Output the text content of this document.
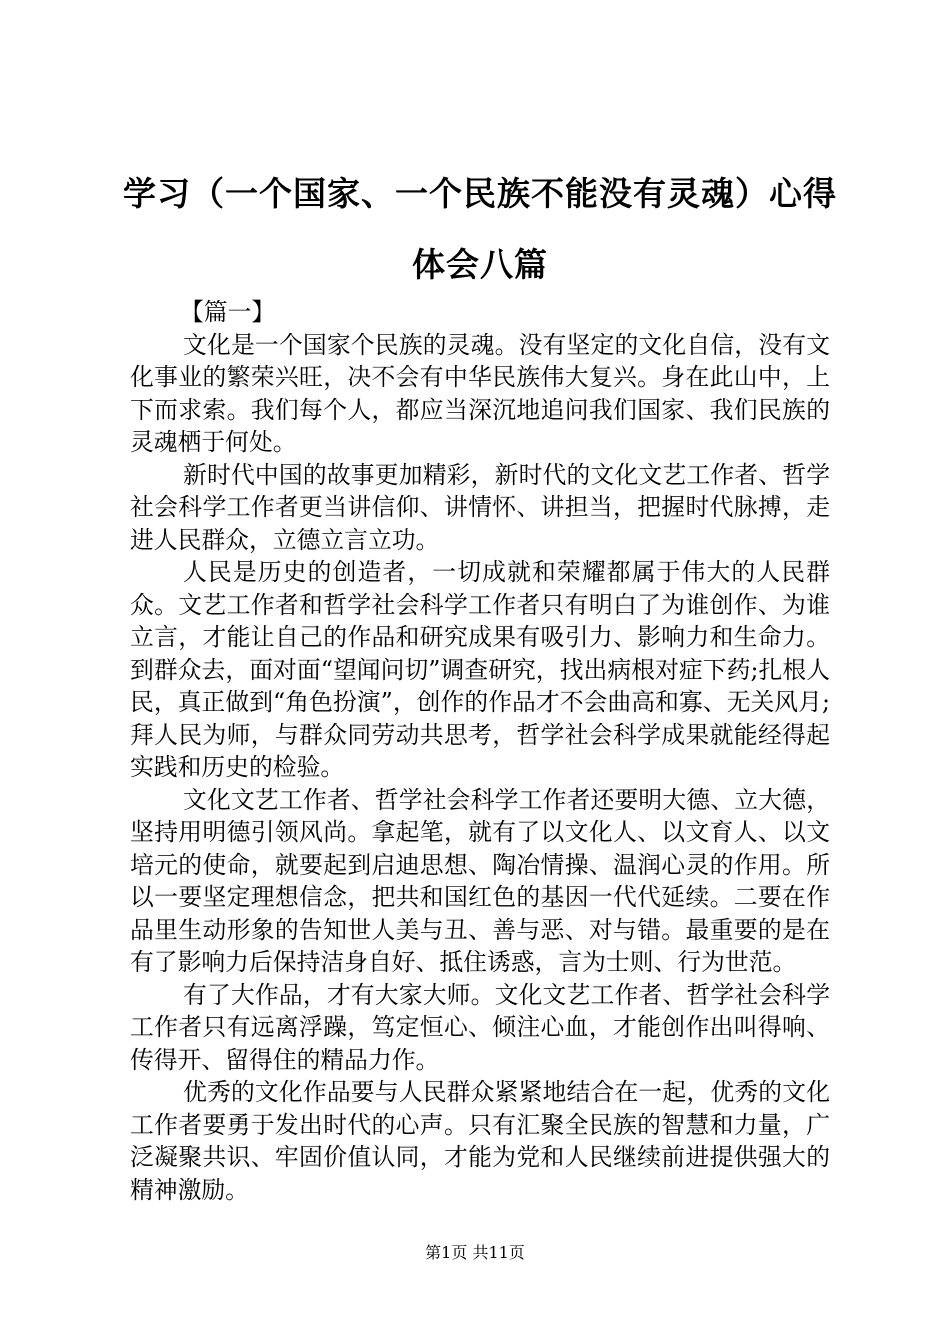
学习（一个国家、一个民族不能没有灵魂）心得体会八篇

【篇一】

文化是一个国家个民族的灵魂。没有坚定的文化自信，没有文化事业的繁荣兴旺，决不会有中华民族伟大复兴。身在此山中，上下而求索。我们每个人，都应当深沉地追问我们国家、我们民族的灵魂栖于何处。

新时代中国的故事更加精彩，新时代的文化文艺工作者、哲学社会科学工作者更当讲信仰、讲情怀、讲担当，把握时代脉搏，走进人民群众，立德立言立功。

人民是历史的创造者，一切成就和荣耀都属于伟大的人民群众。文艺工作者和哲学社会科学工作者只有明白了为谁创作、为谁立言，才能让自己的作品和研究成果有吸引力、影响力和生命力。到群众去，面对面“望闻问切”调查研究，找出病根对症下药;扎根人民，真正做到“角色扮演”，创作的作品才不会曲高和寡、无关风月;拜人民为师，与群众同劳动共思考，哲学社会科学成果就能经得起实践和历史的检验。

文化文艺工作者、哲学社会科学工作者还要明大德、立大德，坚持用明德引领风尚。拿起笔，就有了以文化人、以文育人、以文培元的使命，就要起到启迪思想、陶冶情操、温润心灵的作用。所以一要坚定理想信念，把共和国红色的基因一代代延续。二要在作品里生动形象的告知世人美与丑、善与恶、对与错。最重要的是在有了影响力后保持洁身自好、抵住诱惑，言为士则、行为世范。

有了大作品，才有大家大师。文化文艺工作者、哲学社会科学工作者只有远离浮躁，笃定恒心、倾注心血，才能创作出叫得响、传得开、留得住的精品力作。

优秀的文化作品要与人民群众紧紧地结合在一起，优秀的文化工作者要勇于发出时代的心声。只有汇聚全民族的智慧和力量，广泛凝聚共识、牢固价值认同，才能为党和人民继续前进提供强大的精神激励。

第1页 共11页
